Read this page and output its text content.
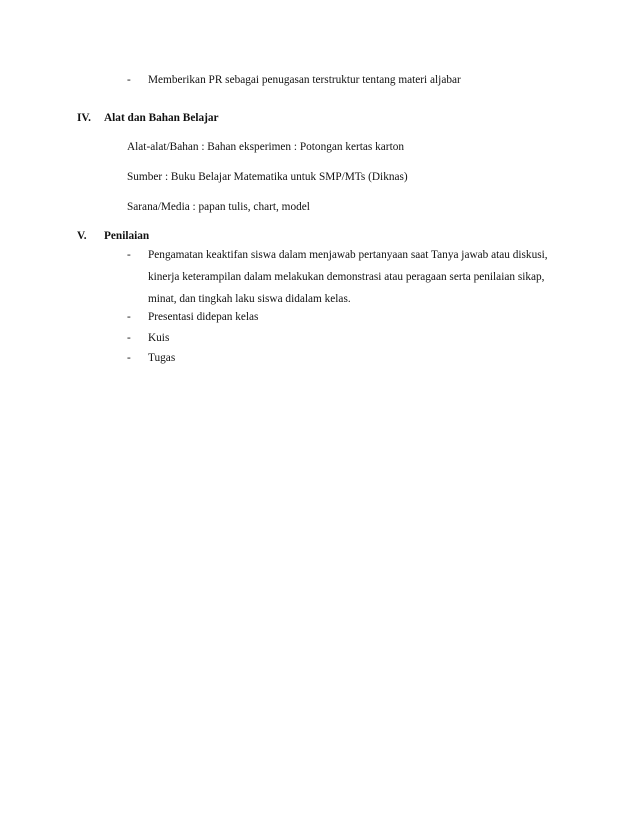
-	Memberikan PR sebagai penugasan terstruktur tentang materi aljabar
IV. Alat dan Bahan Belajar
Alat-alat/Bahan : Bahan eksperimen : Potongan kertas karton
Sumber : Buku Belajar Matematika untuk SMP/MTs (Diknas)
Sarana/Media : papan tulis, chart, model
V. Penilaian
-	Pengamatan keaktifan siswa dalam menjawab pertanyaan saat Tanya jawab atau diskusi,
kinerja keterampilan dalam melakukan demonstrasi atau peragaan serta penilaian sikap,
minat, dan tingkah laku siswa didalam kelas.
-	Presentasi didepan kelas
-	Kuis
-	Tugas
